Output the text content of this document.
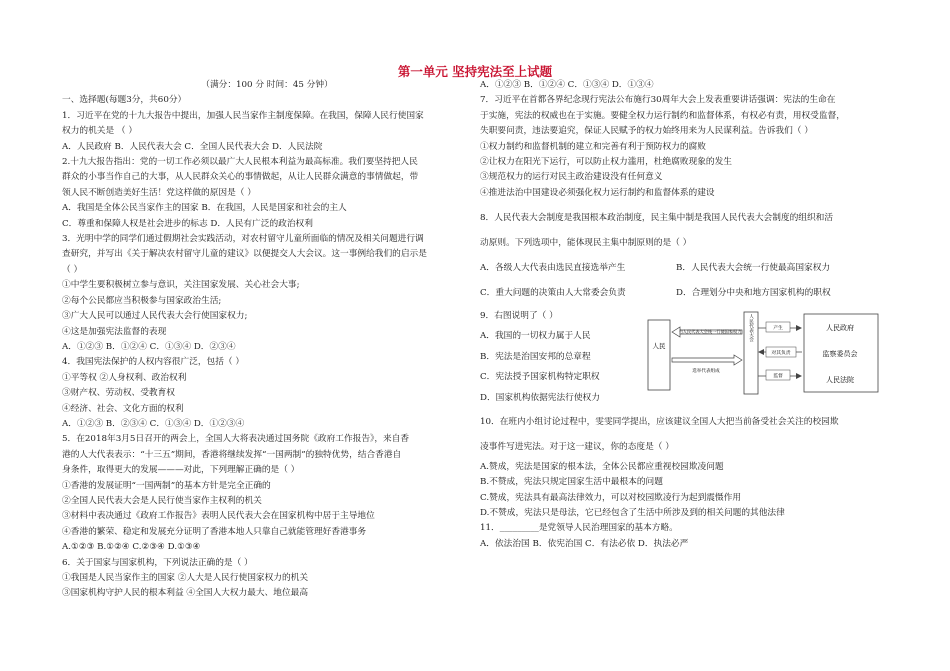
第一单元 坚持宪法至上试题

（满分：100 分 时间：45 分钟）

一、选择题(每题3分，共60分）

1．习近平在党的十九大报告中提出，加强人民当家作主制度保障。在我国，保障人民行使国家

权力的机关是 （ ）

A．人民政府 B．人民代表大会 C．全国人民代表大会 D．人民法院

2.十九大报告指出：党的一切工作必须以最广大人民根本利益为最高标准。我们要坚持把人民

群众的小事当作自己的大事，从人民群众关心的事情做起，从让人民群众满意的事情做起，带

领人民不断创造美好生活！党这样做的原因是（ ）

A．我国是全体公民当家作主的国家 B．在我国，人民是国家和社会的主人

C．尊重和保障人权是社会进步的标志 D．人民有广泛的政治权利

3．光明中学的同学们通过假期社会实践活动，对农村留守儿童所面临的情况及相关问题进行调

查研究，并写出《关于解决农村留守儿童的建议》以便提交人大会议。这一事例给我们的启示是

（ ）

①中学生要积极树立参与意识，关注国家发展、关心社会大事;

②每个公民都应当积极参与国家政治生活;

③广大人民可以通过人民代表大会行使国家权力;

④这是加强宪法监督的表现

A．①②③ B．①②④ C．①③④ D．②③④

4．我国宪法保护的人权内容很广泛，包括（ ）

①平等权 ②人身权利、政治权利

③财产权、劳动权、受教育权

④经济、社会、文化方面的权利

A．①②③ B．②③④ C．①③④ D．①②③④

5．在2018年3月5日召开的两会上，全国人大将表决通过国务院《政府工作报告》，来自香

港的人大代表表示：“十三五”期间，香港将继续发挥“一国两制”的独特优势，结合香港自

身条件，取得更大的发展———对此，下列理解正确的是（ ）

①香港的发展证明“一国两制”的基本方针是完全正确的

②全国人民代表大会是人民行使当家作主权利的机关

③材料中表决通过《政府工作报告》表明人民代表大会在国家机构中居于主导地位

④香港的繁荣、稳定和发展充分证明了香港本地人只靠自己就能管理好香港事务

A.①②③ B.①②④ C.②③④ D.①③④

6．关于国家与国家机构，下列说法正确的是（ ）

①我国是人民当家作主的国家 ②人大是人民行使国家权力的机关

③国家机构守护人民的根本利益 ④全国人大权力最大、地位最高

A．①②③ B．①②④ C．①③④ D．①③④

7．习近平在首都各界纪念现行宪法公布施行30周年大会上发表重要讲话强调：宪法的生命在

于实施，宪法的权威也在于实施。要健全权力运行制约和监督体系，有权必有责，用权受监督，

失职要问责，违法要追究，保证人民赋予的权力始终用来为人民谋利益。告诉我们（ ）

①权力制约和监督机制的建立和完善有利于预防权力的腐败

②让权力在阳光下运行，可以防止权力滥用，杜绝腐败现象的发生

③规范权力的运行对民主政治建设没有任何意义

④推进法治中国建设必须强化权力运行制约和监督体系的建设

8．人民代表大会制度是我国根本政治制度，民主集中制是我国人民代表大会制度的组织和活

动原则。下列选项中，能体现民主集中制原则的是（ ）

A．各级人大代表由选民直接选举产生	B．人民代表大会统一行使最高国家权力

C．重大问题的决策由人大常委会负责	D．合理划分中央和地方国家机构的职权

9．右图说明了（ ）

A．我国的一切权力属于人民

B．宪法是治国安邦的总章程

C．宪法授予国家机构特定职权

D．国家机构依据宪法行使权力

人民
由人民代表大会统一行使国家权力
选举代表组成
人民代表大会	产生
对其负责
监督
人民政府
监察委员会
人民法院

10．在班内小组讨论过程中，雯雯同学提出，应该建议全国人大把当前备受社会关注的校园欺

凌事件写进宪法。对于这一建议，你的态度是（ ）

A.赞成，宪法是国家的根本法，全体公民都应重视校园欺凌问题

B.不赞成，宪法只规定国家生活中最根本的问题

C.赞成，宪法具有最高法律效力，可以对校园欺凌行为起到震慑作用

D.不赞成，宪法只是母法，它已经包含了生活中所涉及到的相关问题的其他法律

11．_________是党领导人民治理国家的基本方略。

A．依法治国 B．依宪治国 C．有法必依 D．执法必严
